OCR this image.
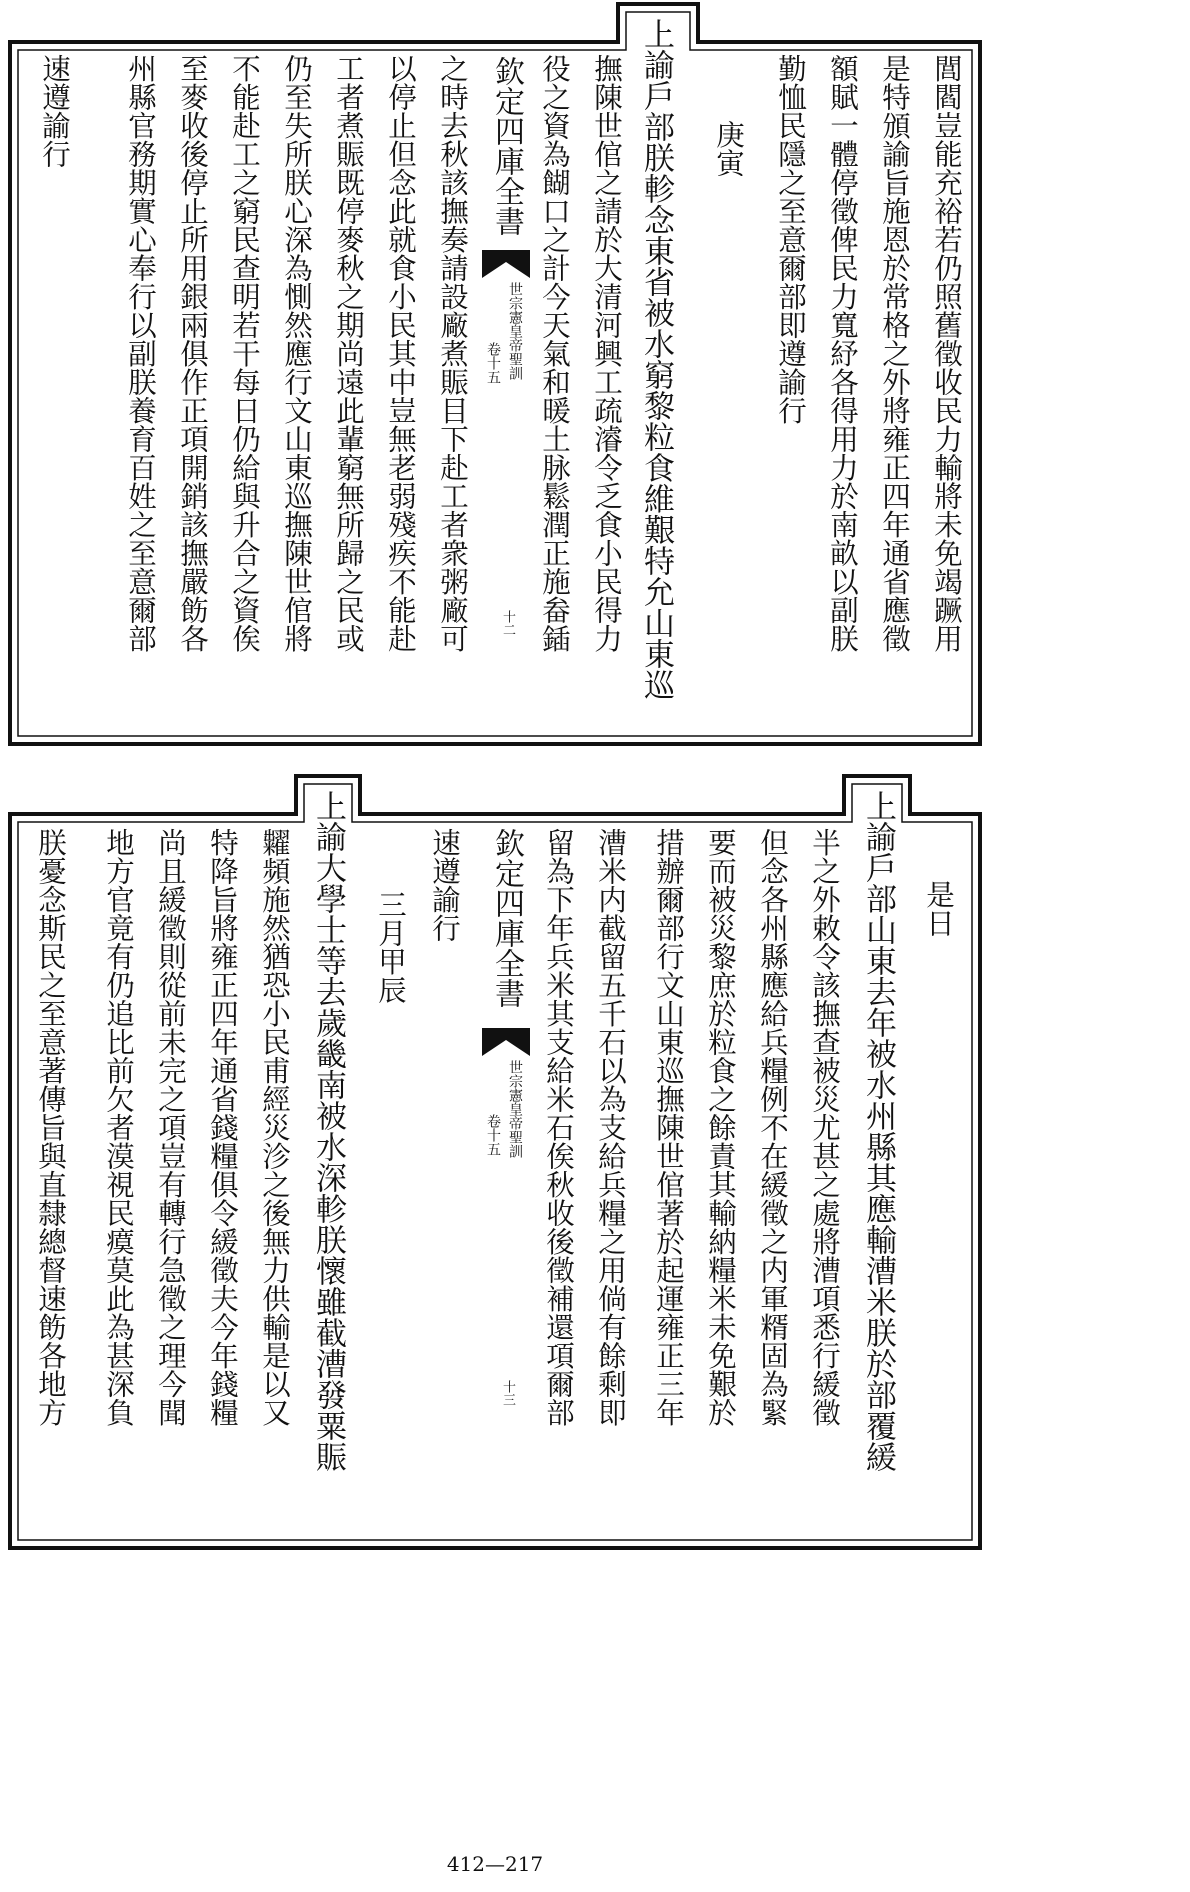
閭閻豈能充裕若仍照舊徵收民力輸將未免竭蹶用
是特頒諭旨施恩於常格之外將雍正四年通省應徵
額賦一體停徵俾民力寬紓各得用力於南畝以副朕
勤恤民隱之至意爾部即遵諭行
庚寅
上諭戶部朕軫念東省被水窮黎粒食維艱特允山東巡
撫陳世倌之請於大清河興工疏濬令乏食小民得力
役之資為餬口之計今天氣和暖土脉鬆潤正施畚鍤
欽定四庫全書
世宗憲皇帝聖訓
卷十五
十二
之時去秋該撫奏請設廠煮賑目下赴工者衆粥廠可
以停止但念此就食小民其中豈無老弱殘疾不能赴
工者煮賑既停麥秋之期尚遠此輩窮無所歸之民或
仍至失所朕心深為惻然應行文山東巡撫陳世倌將
不能赴工之窮民查明若干每日仍給與升合之資俟
至麥收後停止所用銀兩俱作正項開銷該撫嚴飭各
州縣官務期實心奉行以副朕養育百姓之至意爾部
速遵諭行
是日
上諭戶部山東去年被水州縣其應輸漕米朕於部覆緩
半之外敕令該撫查被災尤甚之處將漕項悉行緩徵
但念各州縣應給兵糧例不在緩徵之内軍糈固為緊
要而被災黎庶於粒食之餘責其輸納糧米未免艱於
措辦爾部行文山東巡撫陳世倌著於起運雍正三年
漕米内截留五千石以為支給兵糧之用倘有餘剩即
留為下年兵米其支給米石俟秋收後徵補還項爾部
欽定四庫全書
世宗憲皇帝聖訓
卷十五
十三
速遵諭行
三月甲辰
上諭大學士等去歲畿南被水深軫朕懷雖截漕發粟賑
糶頻施然猶恐小民甫經災沴之後無力供輸是以又
特降旨將雍正四年通省錢糧俱令緩徵夫今年錢糧
尚且緩徵則從前未完之項豈有轉行急徵之理今聞
地方官竟有仍追比前欠者漠視民瘼莫此為甚深負
朕憂念斯民之至意著傳旨與直隸總督速飭各地方
412—217
